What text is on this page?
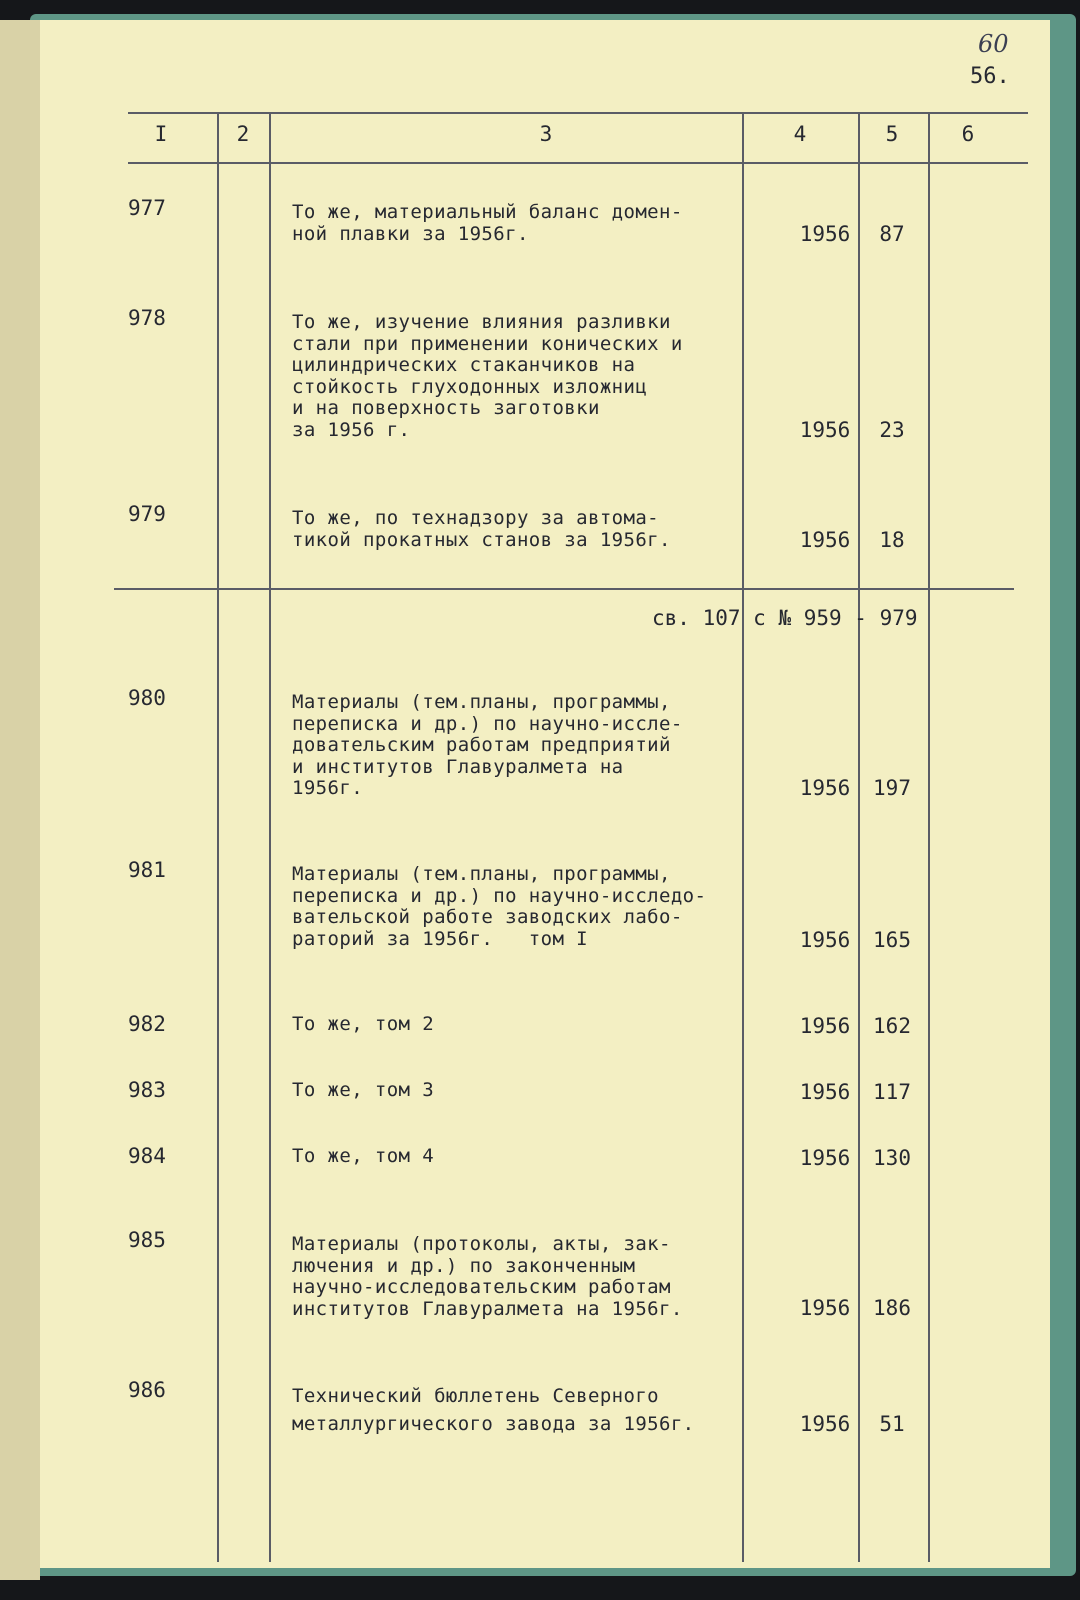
60
56.
I	2	3	4	5	6
977	То же, материальный баланс домен-
ной плавки за 1956г.	1956	87
978	То же, изучение влияния разливки
стали при применении конических и
цилиндрических стаканчиков на
стойкость глуходонных изложниц
и на поверхность заготовки
за 1956 г.	1956	23
979	То же, по технадзору за автома-
тикой прокатных станов за 1956г.	1956	18
св. 107 с № 959 - 979
980	Материалы (тем.планы, программы,
переписка и др.) по научно-иссле-
довательским работам предприятий
и институтов Главуралмета на
1956г.	1956	197
981	Материалы (тем.планы, программы,
переписка и др.) по научно-исследо-
вательской работе заводских лабо-
раторий за 1956г.   том I	1956	165
982	То же, том 2	1956	162
983	То же, том 3	1956	117
984	То же, том 4	1956	130
985	Материалы (протоколы, акты, зак-
лючения и др.) по законченным
научно-исследовательским работам
институтов Главуралмета на 1956г.	1956	186
986	Технический бюллетень Северного
металлургического завода за 1956г.	1956	51
